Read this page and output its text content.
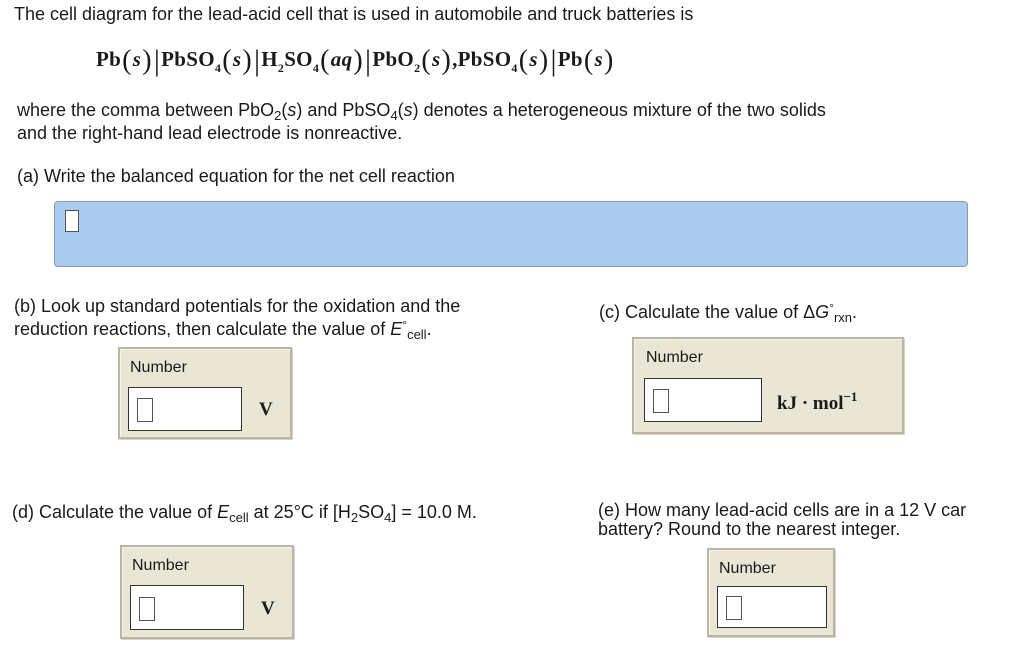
The cell diagram for the lead-acid cell that is used in automobile and truck batteries is
$Pb(s)|PbSO_4(s)|H_2SO_4(aq)|PbO_2(s),PbSO_4(s)|Pb(s)$
where the comma between PbO$_2$(s) and PbSO$_4$(s) denotes a heterogeneous mixture of the two solids
and the right-hand lead electrode is nonreactive.
(a) Write the balanced equation for the net cell reaction
(b) Look up standard potentials for the oxidation and the
reduction reactions, then calculate the value of $E^\circ_{cell}$.
Number
V
(c) Calculate the value of $\Delta G^\circ_{rxn}$.
Number
kJ · mol$^{-1}$
(d) Calculate the value of $E_{cell}$ at 25°C if $[H_2SO_4] = 10.0$ M.
Number
V
(e) How many lead-acid cells are in a 12 V car
battery? Round to the nearest integer.
Number
